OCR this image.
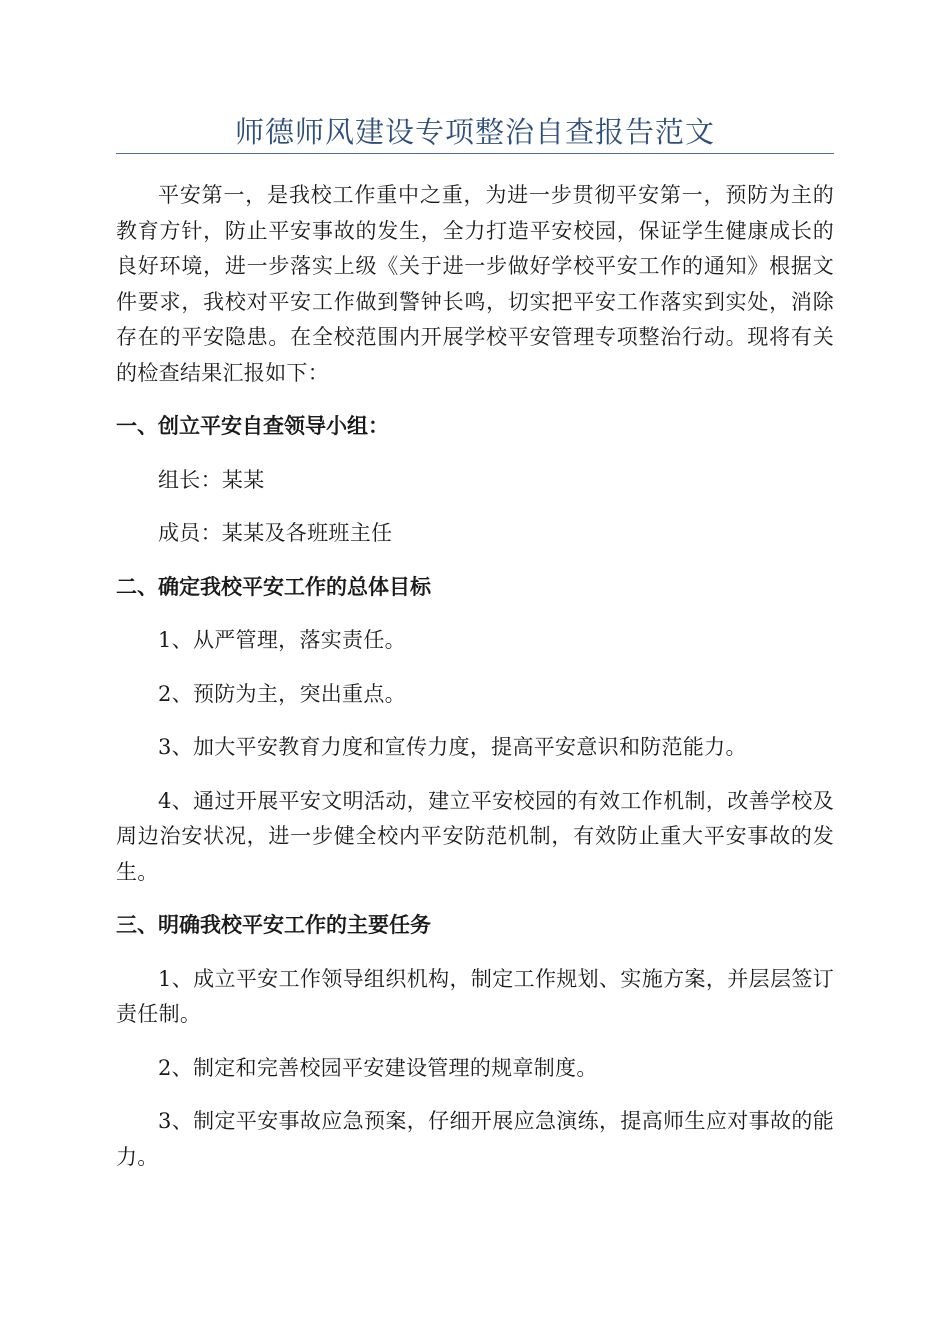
师德师风建设专项整治自查报告范文

平安第一，是我校工作重中之重，为进一步贯彻平安第一，预防为主的教育方针，防止平安事故的发生，全力打造平安校园，保证学生健康成长的良好环境，进一步落实上级《关于进一步做好学校平安工作的通知》根据文件要求，我校对平安工作做到警钟长鸣，切实把平安工作落实到实处，消除存在的平安隐患。在全校范围内开展学校平安管理专项整治行动。现将有关的检查结果汇报如下：

一、创立平安自查领导小组：

组长：某某

成员：某某及各班班主任

二、确定我校平安工作的总体目标

1、从严管理，落实责任。

2、预防为主，突出重点。

3、加大平安教育力度和宣传力度，提高平安意识和防范能力。

4、通过开展平安文明活动，建立平安校园的有效工作机制，改善学校及周边治安状况，进一步健全校内平安防范机制，有效防止重大平安事故的发生。

三、明确我校平安工作的主要任务

1、成立平安工作领导组织机构，制定工作规划、实施方案，并层层签订责任制。

2、制定和完善校园平安建设管理的规章制度。

3、制定平安事故应急预案，仔细开展应急演练，提高师生应对事故的能力。
